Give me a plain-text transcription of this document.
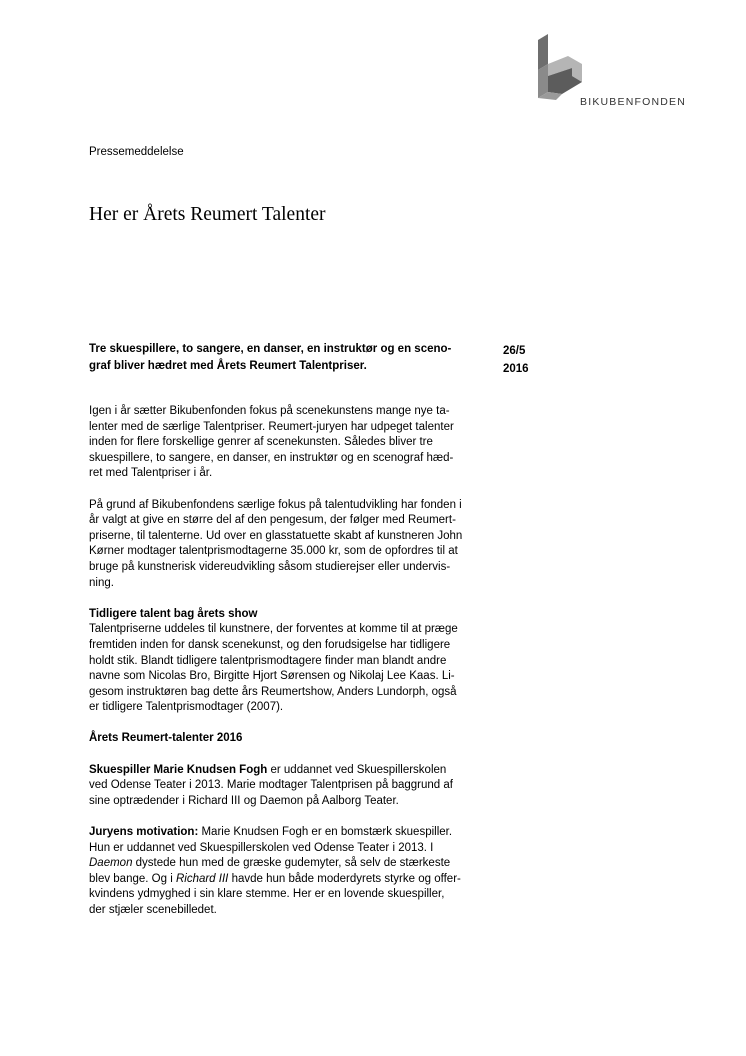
BIKUBENFONDEN
Pressemeddelelse
Her er Årets Reumert Talenter

Tre skuespillere, to sangere, en danser, en instruktør og en sceno-

graf bliver hædret med Årets Reumert Talentpriser.

26/5
2016
Igen i år sætter Bikubenfonden fokus på scenekunstens mange nye ta-
lenter med de særlige Talentpriser. Reumert-juryen har udpeget talenter
inden for flere forskellige genrer af scenekunsten. Således bliver tre
skuespillere, to sangere, en danser, en instruktør og en scenograf hæd-
ret med Talentpriser i år.
På grund af Bikubenfondens særlige fokus på talentudvikling har fonden i
år valgt at give en større del af den pengesum, der følger med Reumert-
priserne, til talenterne. Ud over en glasstatuette skabt af kunstneren John
Kørner modtager talentprismodtagerne 35.000 kr, som de opfordres til at
bruge på kunstnerisk videreudvikling såsom studierejser eller undervis-
ning.
Tidligere talent bag årets show
Talentpriserne uddeles til kunstnere, der forventes at komme til at præge
fremtiden inden for dansk scenekunst, og den forudsigelse har tidligere
holdt stik. Blandt tidligere talentprismodtagere finder man blandt andre
navne som Nicolas Bro, Birgitte Hjort Sørensen og Nikolaj Lee Kaas. Li-
gesom instruktøren bag dette års Reumertshow, Anders Lundorph, også
er tidligere Talentprismodtager (2007).
Årets Reumert-talenter 2016
Skuespiller Marie Knudsen Fogh er uddannet ved Skuespillerskolen
ved Odense Teater i 2013. Marie modtager Talentprisen på baggrund af
sine optrædender i Richard III og Daemon på Aalborg Teater.
Juryens motivation: Marie Knudsen Fogh er en bomstærk skuespiller.
Hun er uddannet ved Skuespillerskolen ved Odense Teater i 2013. I
Daemon dystede hun med de græske gudemyter, så selv de stærkeste
blev bange. Og i Richard III havde hun både moderdyrets styrke og offer-
kvindens ydmyghed i sin klare stemme. Her er en lovende skuespiller,
der stjæler scenebilledet.
